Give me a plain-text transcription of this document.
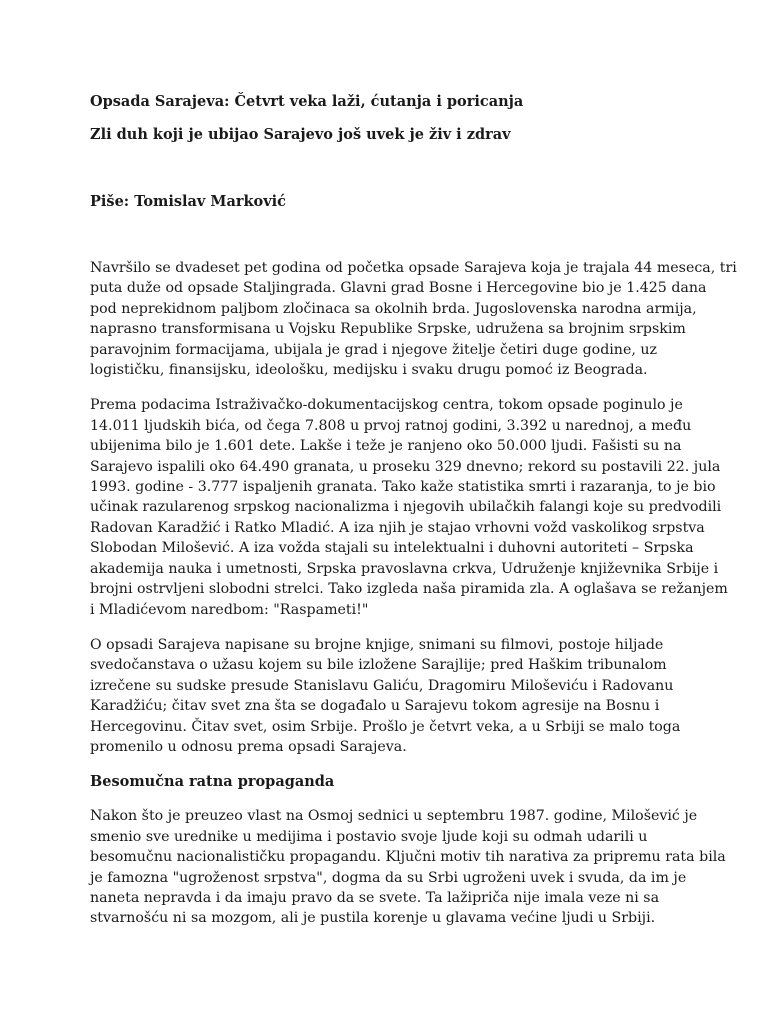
Opsada Sarajeva: Četvrt veka laži, ćutanja i poricanja
Zli duh koji je ubijao Sarajevo još uvek je živ i zdrav

Piše: Tomislav Marković

Navršilo se dvadeset pet godina od početka opsade Sarajeva koja je trajala 44 meseca, tri
puta duže od opsade Staljingrada. Glavni grad Bosne i Hercegovine bio je 1.425 dana
pod neprekidnom paljbom zločinaca sa okolnih brda. Jugoslovenska narodna armija,
naprasno transformisana u Vojsku Republike Srpske, udružena sa brojnim srpskim
paravojnim formacijama, ubijala je grad i njegove žitelje četiri duge godine, uz
logističku, finansijsku, ideološku, medijsku i svaku drugu pomoć iz Beograda.

Prema podacima Istraživačko-dokumentacijskog centra, tokom opsade poginulo je
14.011 ljudskih bića, od čega 7.808 u prvoj ratnoj godini, 3.392 u narednoj, a među
ubijenima bilo je 1.601 dete. Lakše i teže je ranjeno oko 50.000 ljudi. Fašisti su na
Sarajevo ispalili oko 64.490 granata, u proseku 329 dnevno; rekord su postavili 22. jula
1993. godine - 3.777 ispaljenih granata. Tako kaže statistika smrti i razaranja, to je bio
učinak razularenog srpskog nacionalizma i njegovih ubilačkih falangi koje su predvodili
Radovan Karadžić i Ratko Mladić. A iza njih je stajao vrhovni vožd vaskolikog srpstva
Slobodan Milošević. A iza vožda stajali su intelektualni i duhovni autoriteti – Srpska
akademija nauka i umetnosti, Srpska pravoslavna crkva, Udruženje književnika Srbije i
brojni ostrvljeni slobodni strelci. Tako izgleda naša piramida zla. A oglašava se režanjem
i Mladićevom naredbom: "Raspameti!"

O opsadi Sarajeva napisane su brojne knjige, snimani su filmovi, postoje hiljade
svedočanstava o užasu kojem su bile izložene Sarajlije; pred Haškim tribunalom
izrečene su sudske presude Stanislavu Galiću, Dragomiru Miloševiću i Radovanu
Karadžiću; čitav svet zna šta se događalo u Sarajevu tokom agresije na Bosnu i
Hercegovinu. Čitav svet, osim Srbije. Prošlo je četvrt veka, a u Srbiji se malo toga
promenilo u odnosu prema opsadi Sarajeva.

Besomučna ratna propaganda

Nakon što je preuzeo vlast na Osmoj sednici u septembru 1987. godine, Milošević je
smenio sve urednike u medijima i postavio svoje ljude koji su odmah udarili u
besomučnu nacionalističku propagandu. Ključni motiv tih narativa za pripremu rata bila
je famozna "ugroženost srpstva", dogma da su Srbi ugroženi uvek i svuda, da im je
naneta nepravda i da imaju pravo da se svete. Ta lažipriča nije imala veze ni sa
stvarnošću ni sa mozgom, ali je pustila korenje u glavama većine ljudi u Srbiji.
